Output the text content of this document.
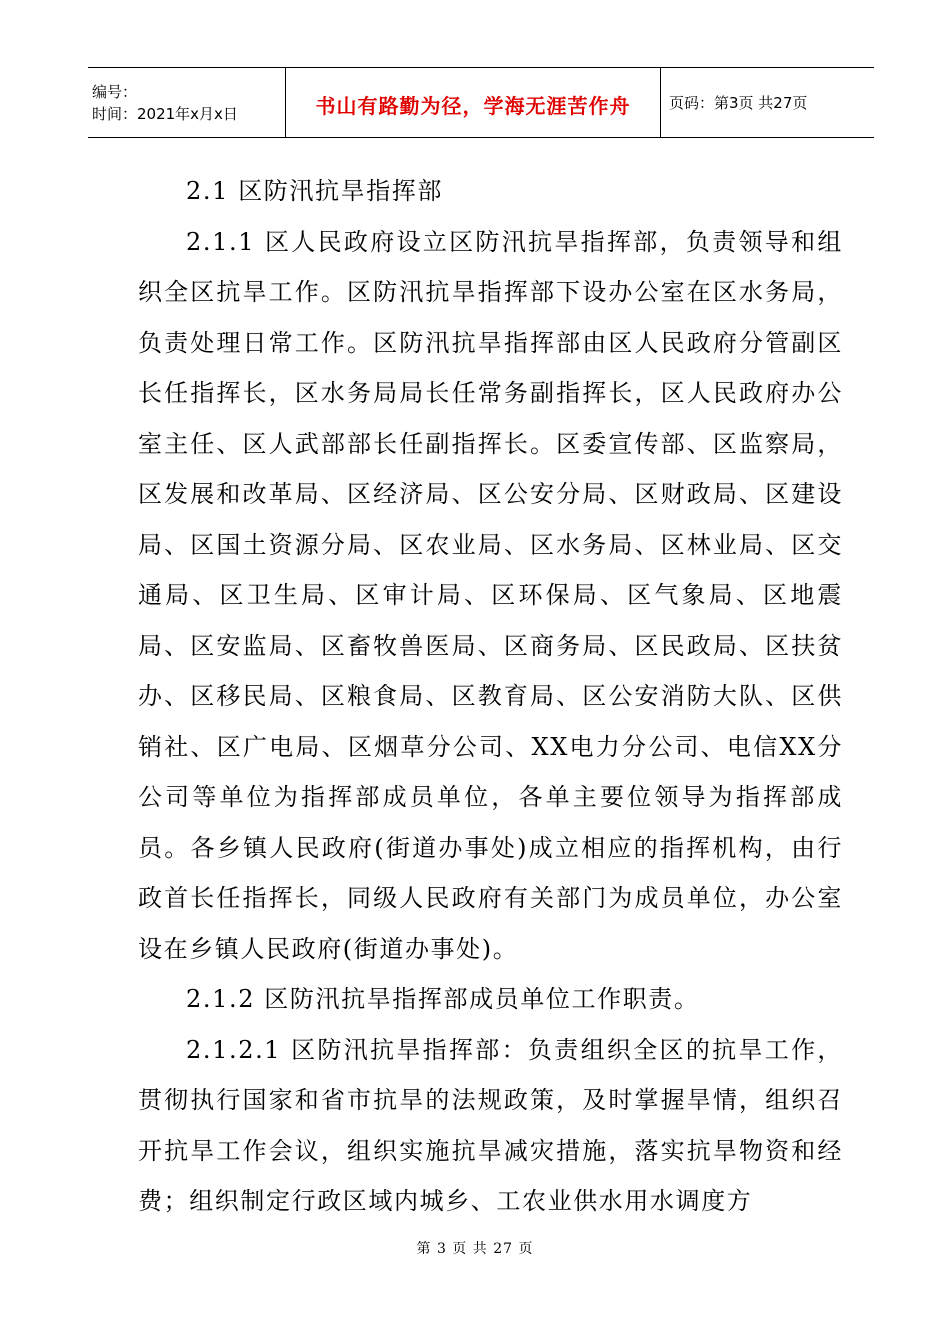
编号：
时间：2021年x月x日	书山有路勤为径，学海无涯苦作舟	页码：第3页 共27页

2.1 区防汛抗旱指挥部

2.1.1 区人民政府设立区防汛抗旱指挥部，负责领导和组织全区抗旱工作。区防汛抗旱指挥部下设办公室在区水务局，负责处理日常工作。区防汛抗旱指挥部由区人民政府分管副区长任指挥长，区水务局局长任常务副指挥长，区人民政府办公室主任、区人武部部长任副指挥长。区委宣传部、区监察局，区发展和改革局、区经济局、区公安分局、区财政局、区建设局、区国土资源分局、区农业局、区水务局、区林业局、区交通局、区卫生局、区审计局、区环保局、区气象局、区地震局、区安监局、区畜牧兽医局、区商务局、区民政局、区扶贫办、区移民局、区粮食局、区教育局、区公安消防大队、区供销社、区广电局、区烟草分公司、XX电力分公司、电信XX分公司等单位为指挥部成员单位，各单主要位领导为指挥部成员。各乡镇人民政府(街道办事处)成立相应的指挥机构，由行政首长任指挥长，同级人民政府有关部门为成员单位，办公室设在乡镇人民政府(街道办事处)。

2.1.2 区防汛抗旱指挥部成员单位工作职责。

2.1.2.1 区防汛抗旱指挥部：负责组织全区的抗旱工作，贯彻执行国家和省市抗旱的法规政策，及时掌握旱情，组织召开抗旱工作会议，组织实施抗旱减灾措施，落实抗旱物资和经费；组织制定行政区域内城乡、工农业供水用水调度方

第 3 页 共 27 页
